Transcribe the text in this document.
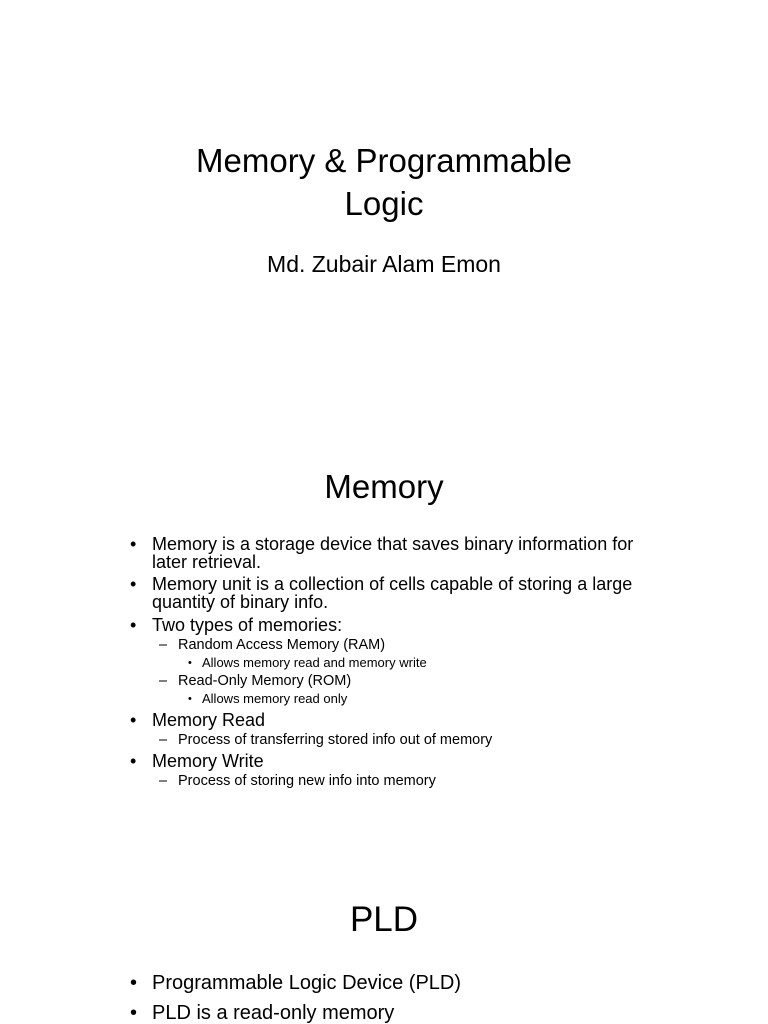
Memory & Programmable
Logic
Md. Zubair Alam Emon
Memory
• Memory is a storage device that saves binary information for later retrieval.
• Memory unit is a collection of cells capable of storing a large quantity of binary info.
• Two types of memories:
– Random Access Memory (RAM)
• Allows memory read and memory write
– Read-Only Memory (ROM)
• Allows memory read only
• Memory Read
– Process of transferring stored info out of memory
• Memory Write
– Process of storing new info into memory
PLD
• Programmable Logic Device (PLD)
• PLD is a read-only memory
